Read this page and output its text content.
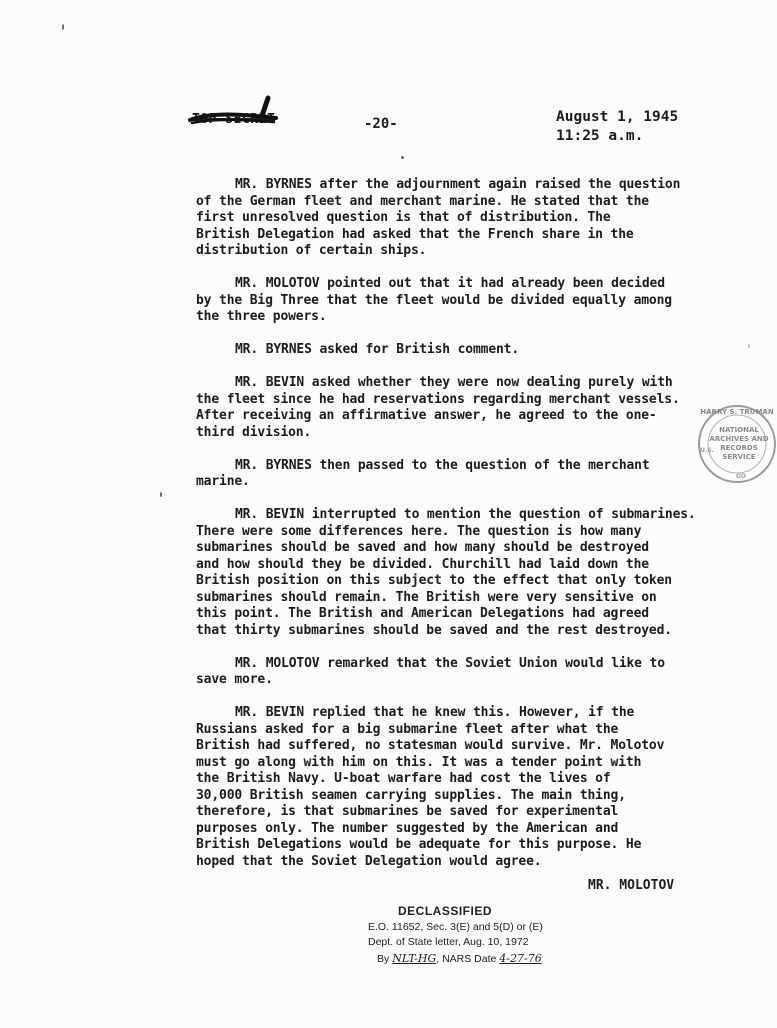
TOP SECRET	-20-	August 1, 1945
11:25 a.m.
MR. BYRNES after the adjournment again raised the question
of the German fleet and merchant marine. He stated that the
first unresolved question is that of distribution. The
British Delegation had asked that the French share in the
distribution of certain ships.
MR. MOLOTOV pointed out that it had already been decided
by the Big Three that the fleet would be divided equally among
the three powers.
MR. BYRNES asked for British comment.
MR. BEVIN asked whether they were now dealing purely with
the fleet since he had reservations regarding merchant vessels.
After receiving an affirmative answer, he agreed to the one-
third division.
MR. BYRNES then passed to the question of the merchant
marine.
MR. BEVIN interrupted to mention the question of submarines.
There were some differences here. The question is how many
submarines should be saved and how many should be destroyed
and how should they be divided. Churchill had laid down the
British position on this subject to the effect that only token
submarines should remain. The British were very sensitive on
this point. The British and American Delegations had agreed
that thirty submarines should be saved and the rest destroyed.
MR. MOLOTOV remarked that the Soviet Union would like to
save more.
MR. BEVIN replied that he knew this. However, if the
Russians asked for a big submarine fleet after what the
British had suffered, no statesman would survive. Mr. Molotov
must go along with him on this. It was a tender point with
the British Navy. U-boat warfare had cost the lives of
30,000 British seamen carrying supplies. The main thing,
therefore, is that submarines be saved for experimental
purposes only. The number suggested by the American and
British Delegations would be adequate for this purpose. He
hoped that the Soviet Delegation would agree.
MR. MOLOTOV
DECLASSIFIED
E.O. 11652, Sec. 3(E) and 5(D) or (E)
Dept. of State letter, Aug. 10, 1972
By NLT-HG, NARS Date 4-27-76
HARRY S. TRUMAN
NATIONAL
ARCHIVES AND
RECORDS
SERVICE
U.S.
GO
